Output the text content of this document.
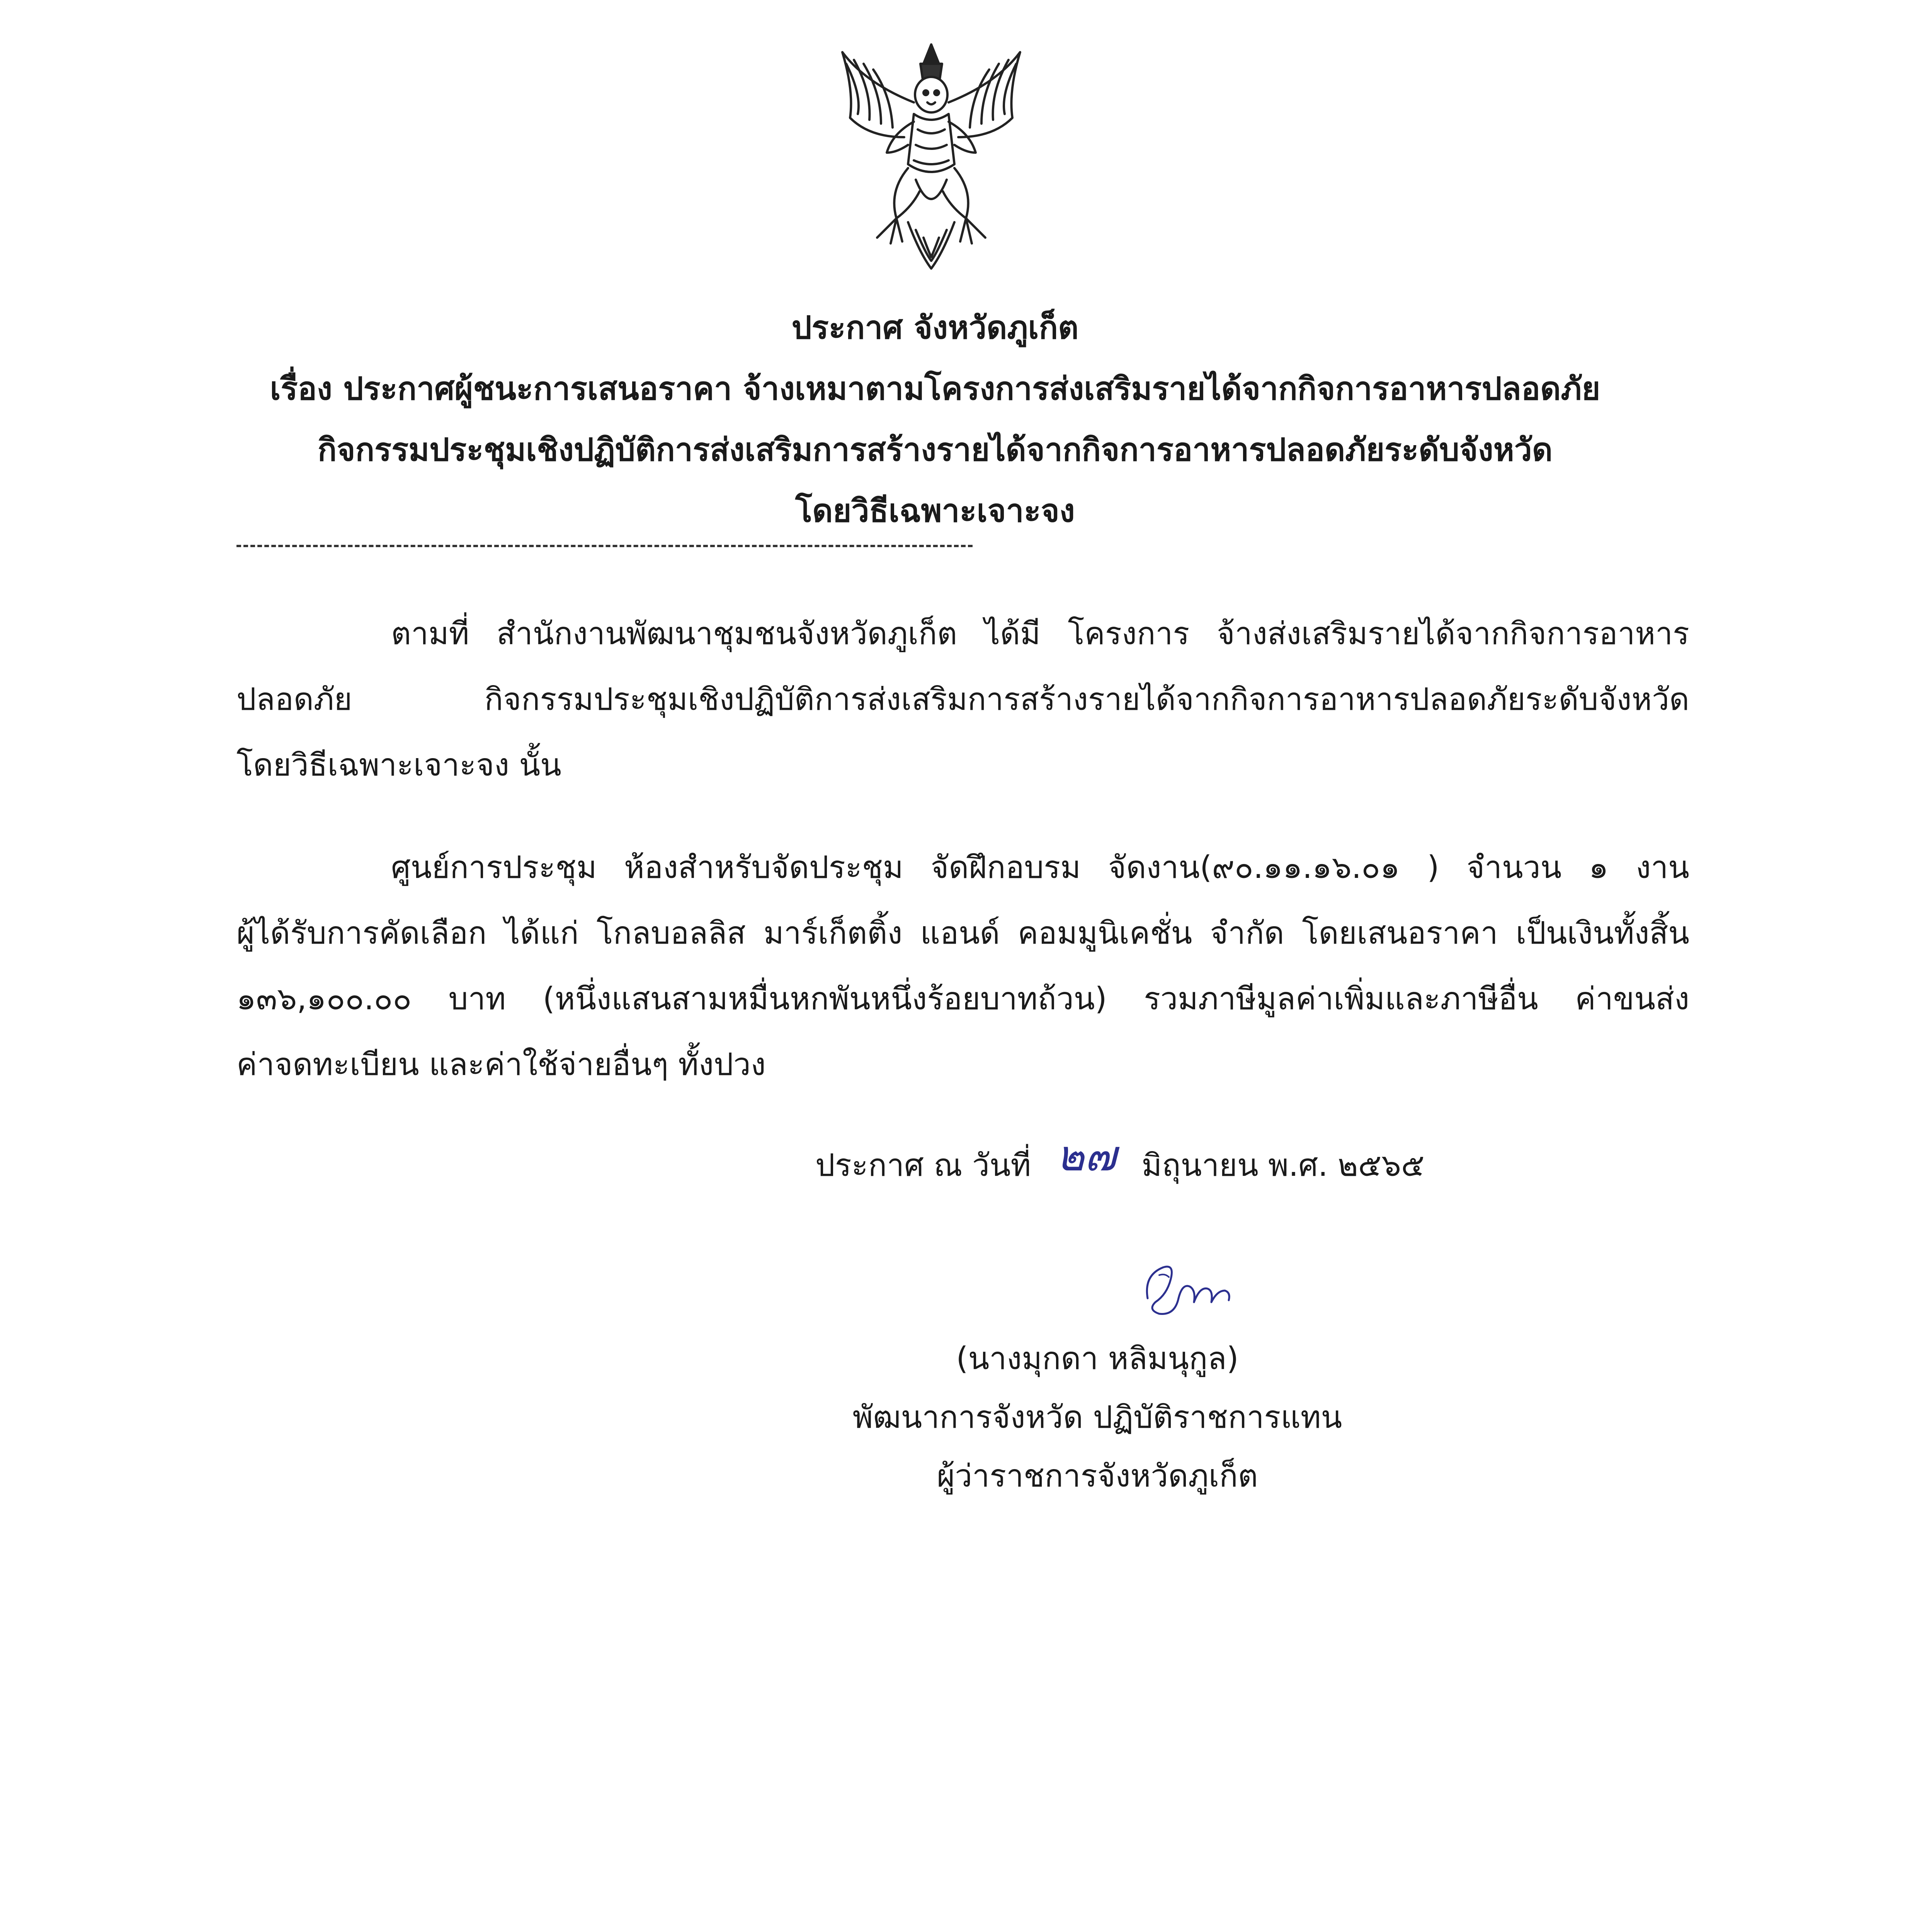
ประกาศ จังหวัดภูเก็ต
เรื่อง ประกาศผู้ชนะการเสนอราคา จ้างเหมาตามโครงการส่งเสริมรายได้จากกิจการอาหารปลอดภัย
กิจกรรมประชุมเชิงปฏิบัติการส่งเสริมการสร้างรายได้จากกิจการอาหารปลอดภัยระดับจังหวัด
โดยวิธีเฉพาะเจาะจง
ตามที่ สำนักงานพัฒนาชุมชนจังหวัดภูเก็ต ได้มี โครงการ จ้างส่งเสริมรายได้จากกิจการอาหาร
ปลอดภัย กิจกรรมประชุมเชิงปฏิบัติการส่งเสริมการสร้างรายได้จากกิจการอาหารปลอดภัยระดับจังหวัด
โดยวิธีเฉพาะเจาะจง นั้น
ศูนย์การประชุม ห้องสำหรับจัดประชุม จัดฝึกอบรม จัดงาน(๙๐.๑๑.๑๖.๐๑ ) จำนวน ๑ งาน
ผู้ได้รับการคัดเลือก ได้แก่ โกลบอลลิส มาร์เก็ตติ้ง แอนด์ คอมมูนิเคชั่น จำกัด โดยเสนอราคา เป็นเงินทั้งสิ้น
๑๓๖,๑๐๐.๐๐ บาท (หนึ่งแสนสามหมื่นหกพันหนึ่งร้อยบาทถ้วน) รวมภาษีมูลค่าเพิ่มและภาษีอื่น ค่าขนส่ง
ค่าจดทะเบียน และค่าใช้จ่ายอื่นๆ ทั้งปวง
ประกาศ ณ วันที่ ๒๗ มิถุนายน พ.ศ. ๒๕๖๕
(นางมุกดา หลิมนุกูล)
พัฒนาการจังหวัด ปฏิบัติราชการแทน
ผู้ว่าราชการจังหวัดภูเก็ต
